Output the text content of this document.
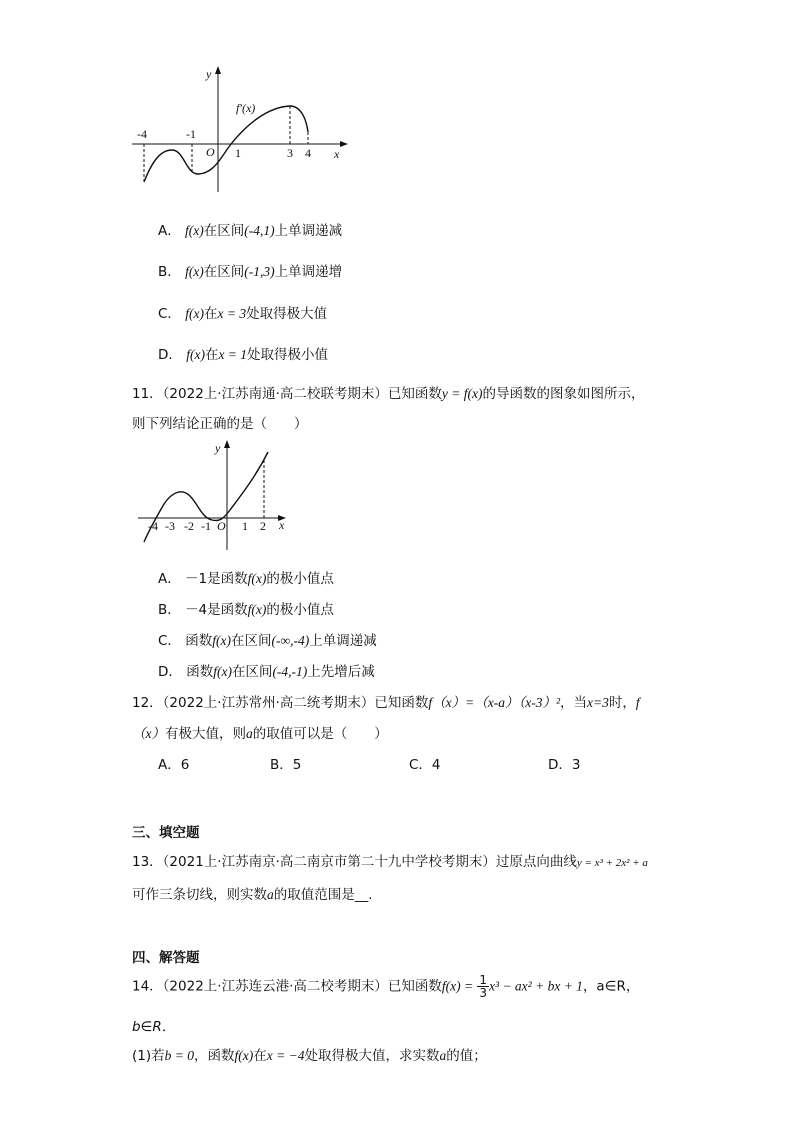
y
x
f′(x)
O
-4	-1
1	3 4
A． f(x)在区间(-4,1)上单调递减
B． f(x)在区间(-1,3)上单调递增
C． f(x)在x = 3处取得极大值
D． f(x)在x = 1处取得极小值
11．（2022上·江苏南通·高二校联考期末）已知函数y = f(x)的导函数的图象如图所示，
则下列结论正确的是（　　）
y
x
O
-4 -3 -2 -1	1 2
A． －1是函数f(x)的极小值点
B． －4是函数f(x)的极小值点
C． 函数f(x)在区间(-∞,-4)上单调递减
D． 函数f(x)在区间(-4,-1)上先增后减
12．（2022上·江苏常州·高二统考期末）已知函数f（x）=（x-a）（x-3）²，当x=3时，f
（x）有极大值，则a的取值可以是（　　）
A．6	B．5	C．4	D．3
三、填空题
13．（2021上·江苏南京·高二南京市第二十九中学校考期末）过原点向曲线y = x³ + 2x² + a
可作三条切线，则实数a的取值范围是__.
四、解答题
14．（2022上·江苏连云港·高二校考期末）已知函数$f(x) = \frac{1}{3} x^3 - ax^2$ + bx + 1，a∈R，
b∈R．
(1)若b = 0，函数f(x)在x = −4处取得极大值，求实数a的值；
